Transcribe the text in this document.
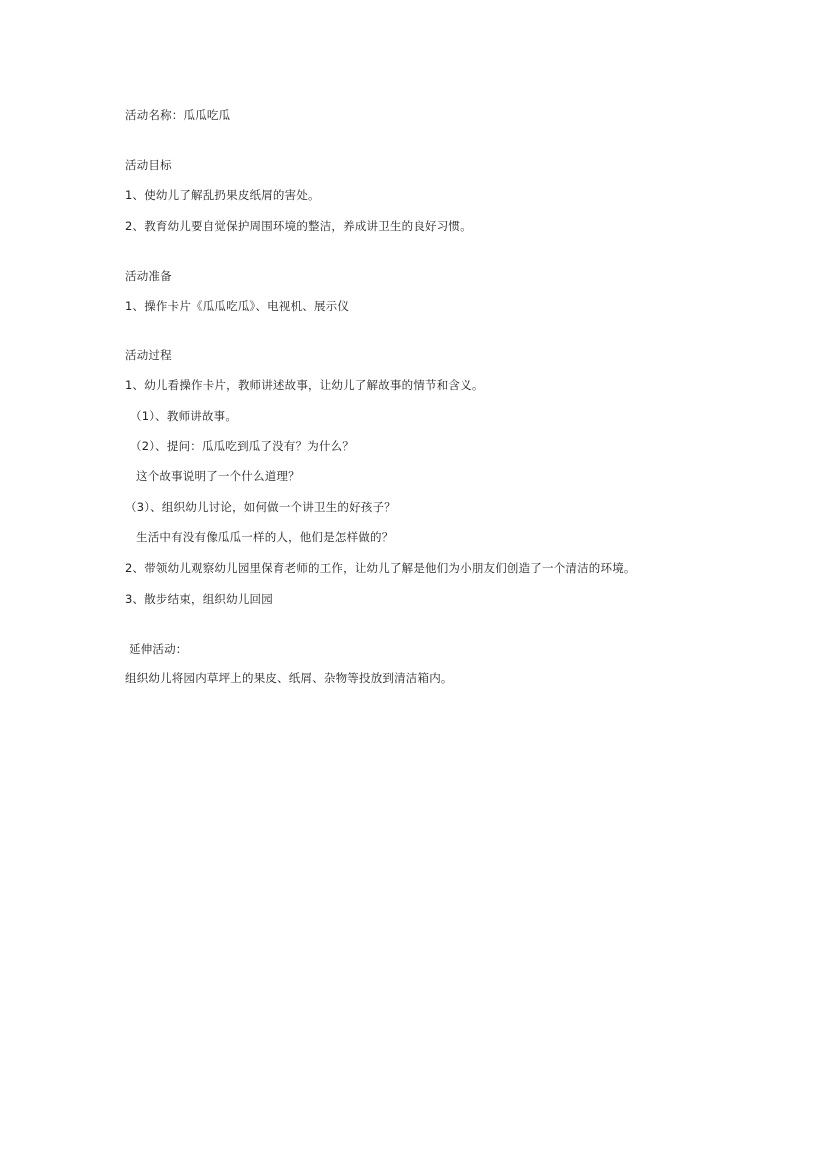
活动名称：瓜瓜吃瓜
活动目标
1、使幼儿了解乱扔果皮纸屑的害处。
2、教育幼儿要自觉保护周围环境的整洁，养成讲卫生的良好习惯。
活动准备
1、操作卡片《瓜瓜吃瓜》、电视机、展示仪
活动过程
1、幼儿看操作卡片，教师讲述故事，让幼儿了解故事的情节和含义。
（1）、教师讲故事。
（2）、提问：瓜瓜吃到瓜了没有？为什么？
这个故事说明了一个什么道理？
（3）、组织幼儿讨论，如何做一个讲卫生的好孩子？
生活中有没有像瓜瓜一样的人，他们是怎样做的？
2、带领幼儿观察幼儿园里保育老师的工作，让幼儿了解是他们为小朋友们创造了一个清洁的环境。
3、散步结束，组织幼儿回园
延伸活动：
组织幼儿将园内草坪上的果皮、纸屑、杂物等投放到清洁箱内。
